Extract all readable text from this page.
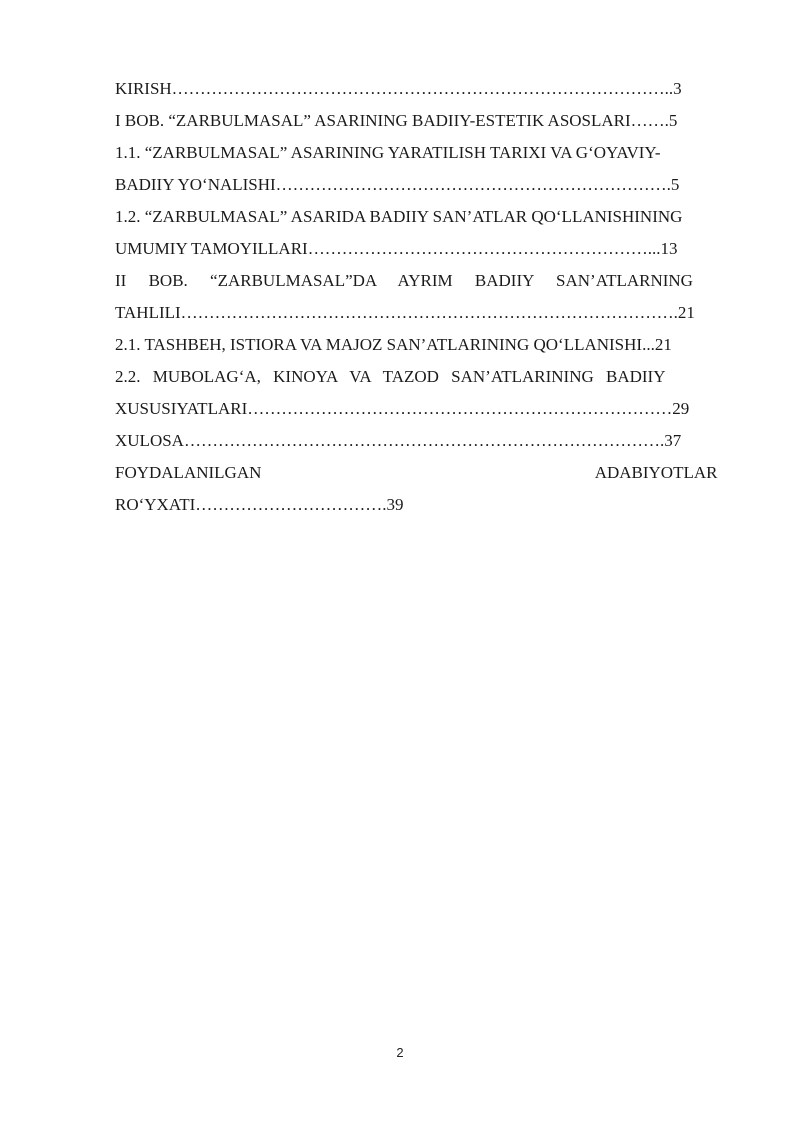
KIRISH……………………………………………………………………………..3
I BOB. “ZARBULMASAL” ASARINING BADIIY-ESTETIK ASOSLARI…….5
1.1. “ZARBULMASAL” ASARINING YARATILISH TARIXI VA G‘OYAVIY-
BADIIY YO‘NALISHI…………………………………………………………….5
1.2. “ZARBULMASAL” ASARIDA BADIIY SAN’ATLAR QO‘LLANISHINING
UMUMIY TAMOYILLARI……………………………………………………...13
II BOB. “ZARBULMASAL”DA AYRIM BADIIY SAN’ATLARNING
TAHLILI…………………………………………………………………………….21
2.1. TASHBEH, ISTIORA VA MAJOZ SAN’ATLARINING QO‘LLANISHI...21
2.2. MUBOLAG‘A, KINOYA VA TAZOD SAN’ATLARINING BADIIY
XUSUSIYATLARI…………………………………………………………………29
XULOSA………………………………………………………………………….37
FOYDALANILGAN ADABIYOTLAR
RO‘YXATI…………………………….39
2
